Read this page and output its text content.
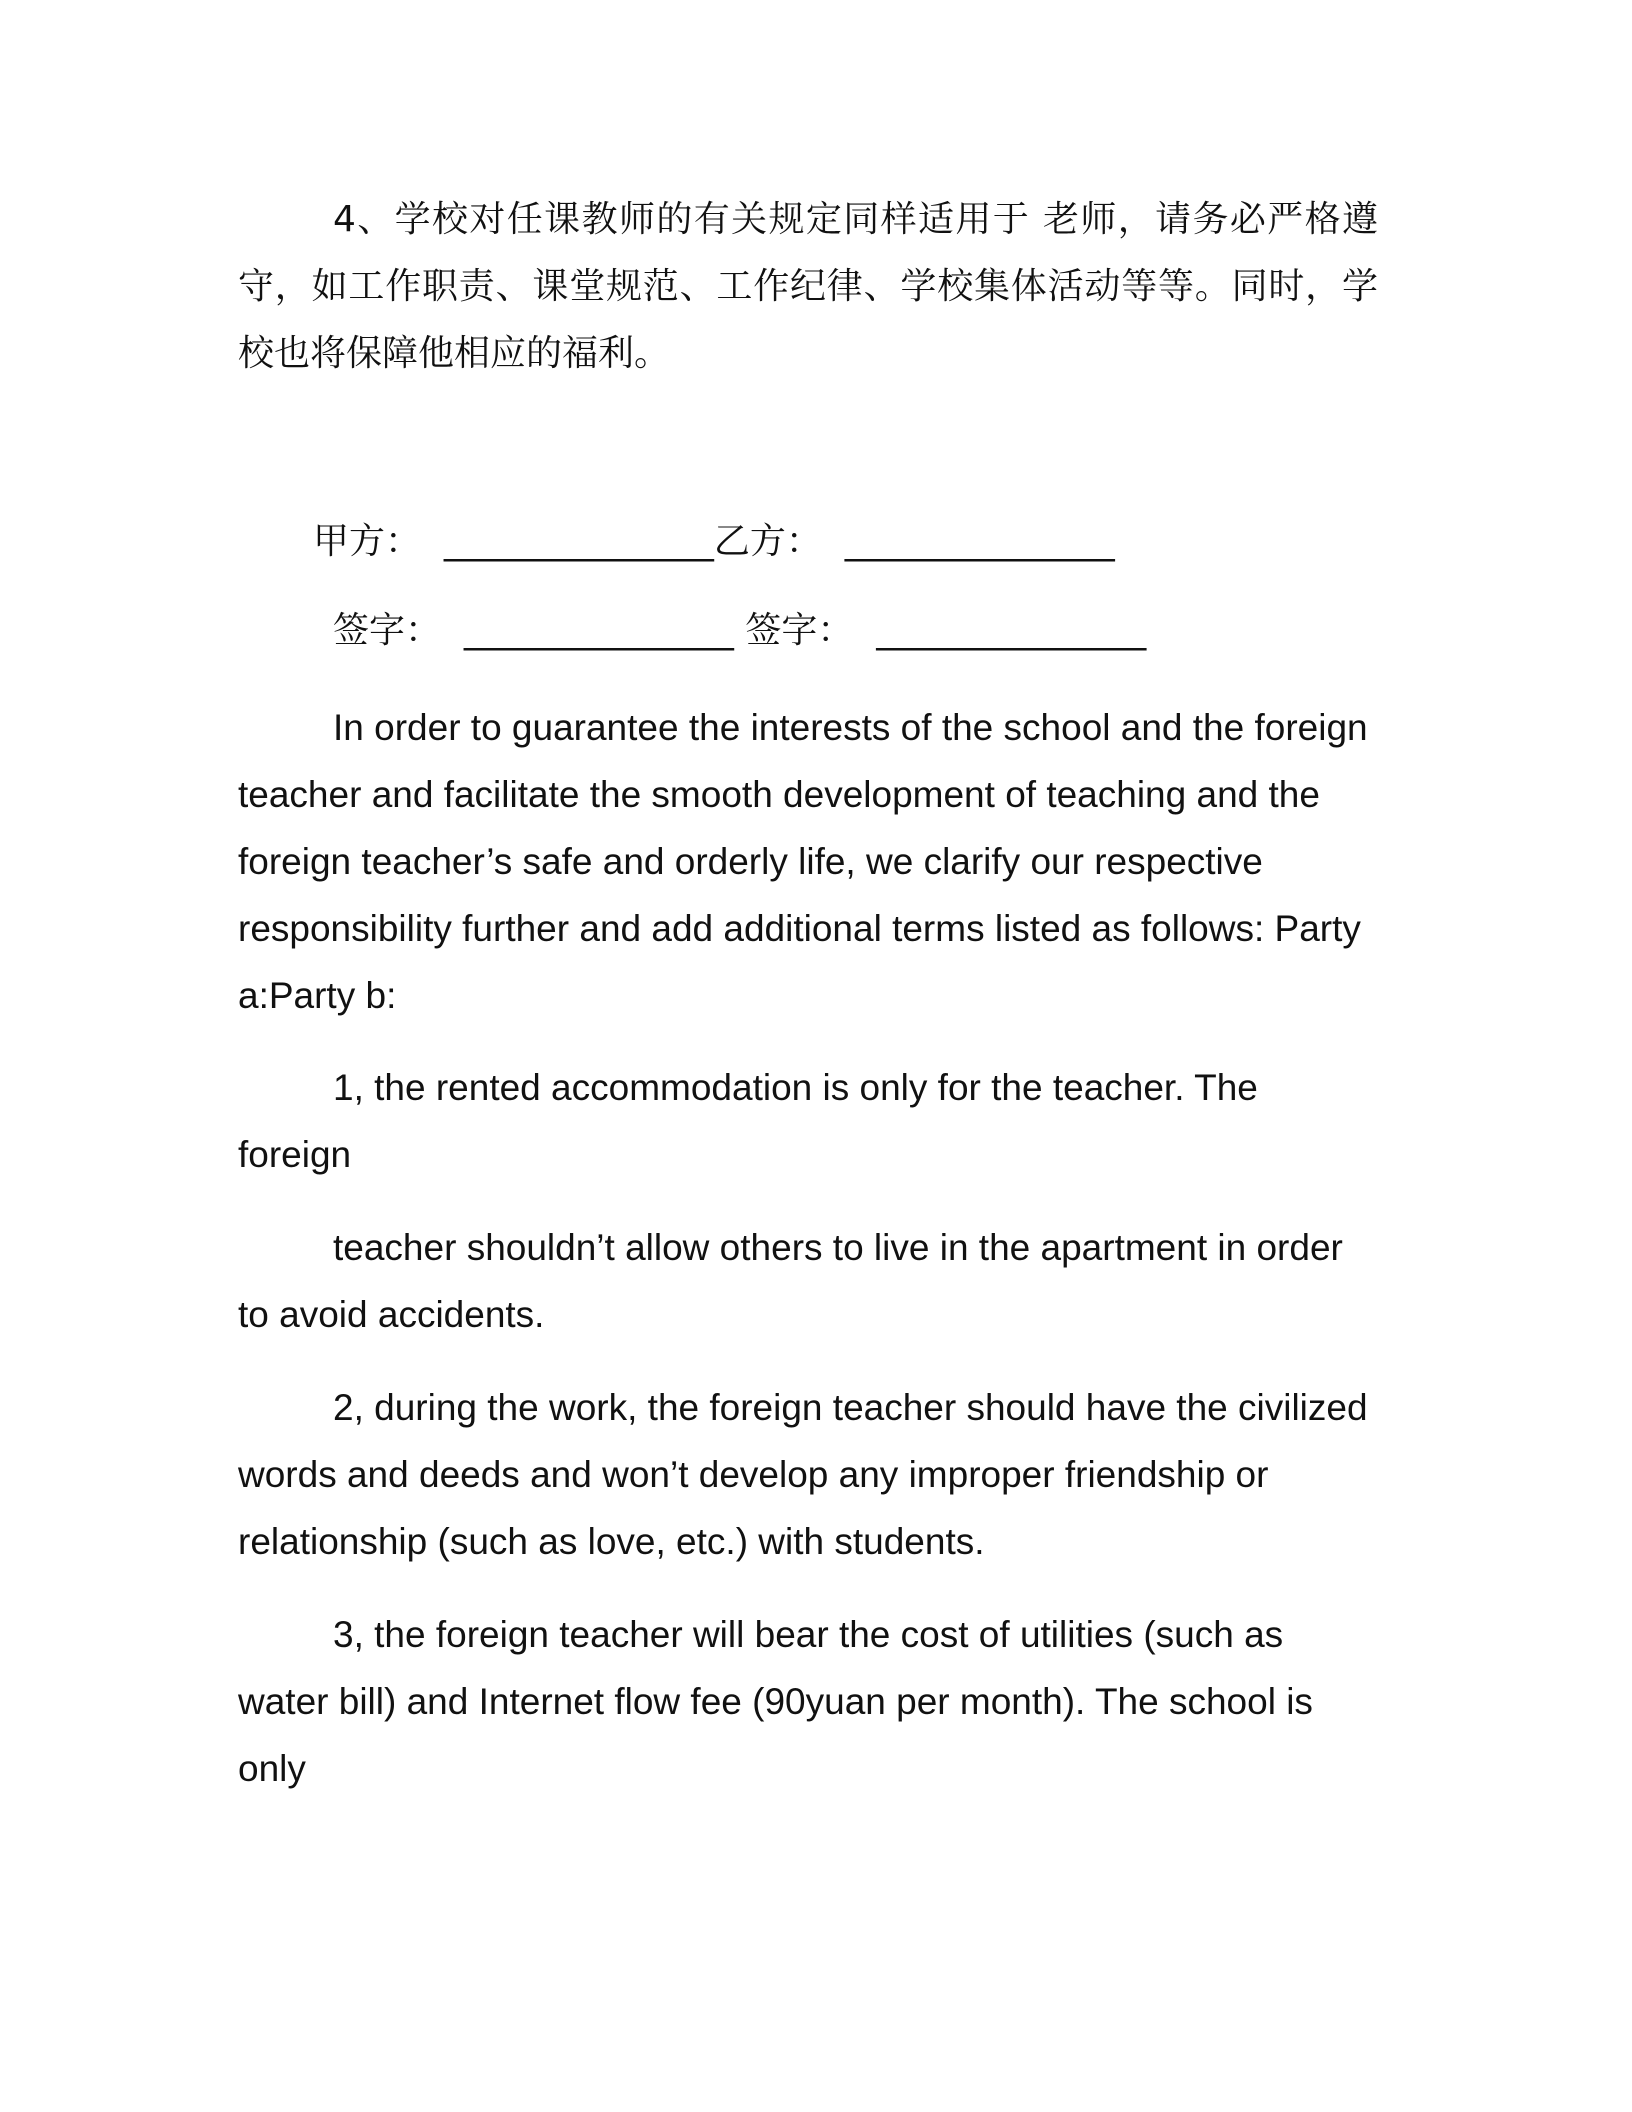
4、学校对任课教师的有关规定同样适用于 老师，请务必严格遵守，如工作职责、课堂规范、工作纪律、学校集体活动等等。同时，学校也将保障他相应的福利。

甲方：  _______________乙方：  _______________
签字：  _______________ 签字：  _______________

In order to guarantee the interests of the school and the foreign teacher and facilitate the smooth development of teaching and the foreign teacher’s safe and orderly life, we clarify our respective responsibility further and add additional terms listed as follows: Party a:Party b:

1, the rented accommodation is only for the teacher. The foreign

teacher shouldn’t allow others to live in the apartment in order to avoid accidents.

2, during the work, the foreign teacher should have the civilized words and deeds and won’t develop any improper friendship or relationship (such as love, etc.) with students.

3, the foreign teacher will bear the cost of utilities (such as water bill) and Internet flow fee (90yuan per month). The school is only
